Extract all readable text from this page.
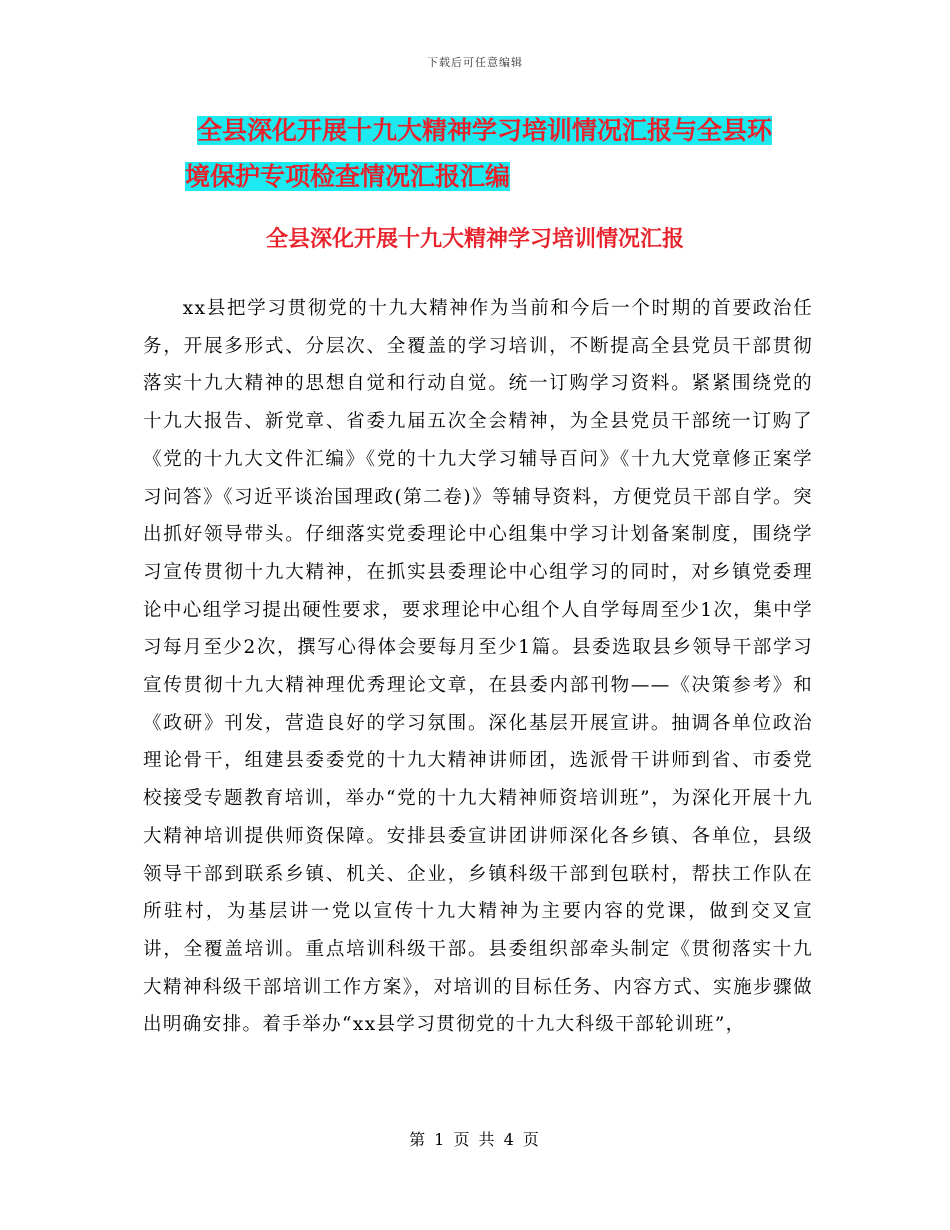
下载后可任意编辑
全县深化开展十九大精神学习培训情况汇报与全县环
境保护专项检查情况汇报汇编
全县深化开展十九大精神学习培训情况汇报
xx县把学习贯彻党的十九大精神作为当前和今后一个时期的首要政治任务，开展多形式、分层次、全覆盖的学习培训，不断提高全县党员干部贯彻落实十九大精神的思想自觉和行动自觉。统一订购学习资料。紧紧围绕党的十九大报告、新党章、省委九届五次全会精神，为全县党员干部统一订购了《党的十九大文件汇编》《党的十九大学习辅导百问》《十九大党章修正案学习问答》《习近平谈治国理政(第二卷)》等辅导资料，方便党员干部自学。突出抓好领导带头。仔细落实党委理论中心组集中学习计划备案制度，围绕学习宣传贯彻十九大精神，在抓实县委理论中心组学习的同时，对乡镇党委理论中心组学习提出硬性要求，要求理论中心组个人自学每周至少1次，集中学习每月至少2次，撰写心得体会要每月至少1篇。县委选取县乡领导干部学习宣传贯彻十九大精神理优秀理论文章，在县委内部刊物——《决策参考》和《政研》刊发，营造良好的学习氛围。深化基层开展宣讲。抽调各单位政治理论骨干，组建县委委党的十九大精神讲师团，选派骨干讲师到省、市委党校接受专题教育培训，举办“党的十九大精神师资培训班”，为深化开展十九大精神培训提供师资保障。安排县委宣讲团讲师深化各乡镇、各单位，县级领导干部到联系乡镇、机关、企业，乡镇科级干部到包联村，帮扶工作队在所驻村，为基层讲一党以宣传十九大精神为主要内容的党课，做到交叉宣讲，全覆盖培训。重点培训科级干部。县委组织部牵头制定《贯彻落实十九大精神科级干部培训工作方案》，对培训的目标任务、内容方式、实施步骤做出明确安排。着手举办“xx县学习贯彻党的十九大科级干部轮训班”，
第 1 页 共 4 页
